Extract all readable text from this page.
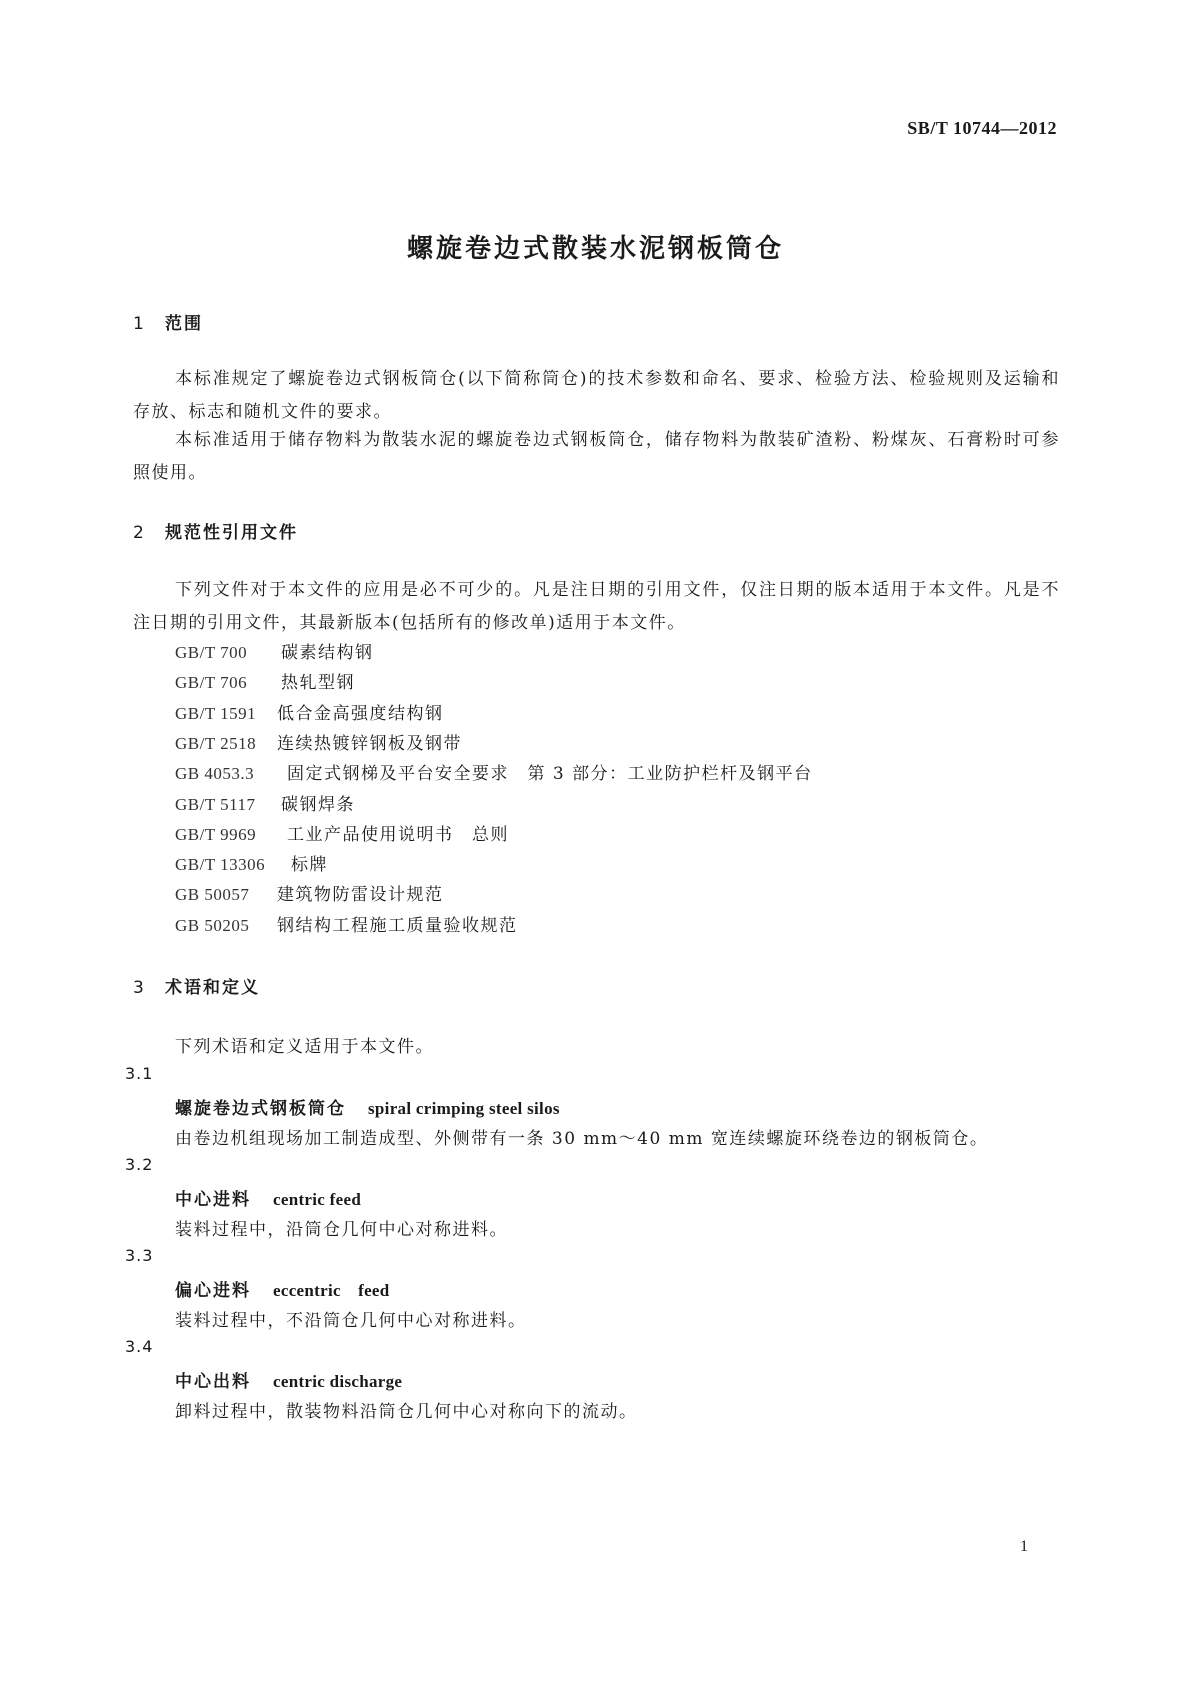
SB/T 10744—2012
螺旋卷边式散装水泥钢板筒仓
1 范围
本标准规定了螺旋卷边式钢板筒仓(以下简称筒仓)的技术参数和命名、要求、检验方法、检验规则及运输和存放、标志和随机文件的要求。
本标准适用于储存物料为散装水泥的螺旋卷边式钢板筒仓，储存物料为散装矿渣粉、粉煤灰、石膏粉时可参照使用。
2 规范性引用文件
下列文件对于本文件的应用是必不可少的。凡是注日期的引用文件，仅注日期的版本适用于本文件。凡是不注日期的引用文件，其最新版本(包括所有的修改单)适用于本文件。
GB/T 700 碳素结构钢
GB/T 706 热轧型钢
GB/T 1591 低合金高强度结构钢
GB/T 2518 连续热镀锌钢板及钢带
GB 4053.3 固定式钢梯及平台安全要求　第 3 部分：工业防护栏杆及钢平台
GB/T 5117 碳钢焊条
GB/T 9969 工业产品使用说明书　总则
GB/T 13306 标牌
GB 50057 建筑物防雷设计规范
GB 50205 钢结构工程施工质量验收规范
3 术语和定义
下列术语和定义适用于本文件。
3.1
螺旋卷边式钢板筒仓 spiral crimping steel silos
由卷边机组现场加工制造成型、外侧带有一条 30 mm～40 mm 宽连续螺旋环绕卷边的钢板筒仓。
3.2
中心进料 centric feed
装料过程中，沿筒仓几何中心对称进料。
3.3
偏心进料 eccentric　feed
装料过程中，不沿筒仓几何中心对称进料。
3.4
中心出料 centric discharge
卸料过程中，散装物料沿筒仓几何中心对称向下的流动。
1
